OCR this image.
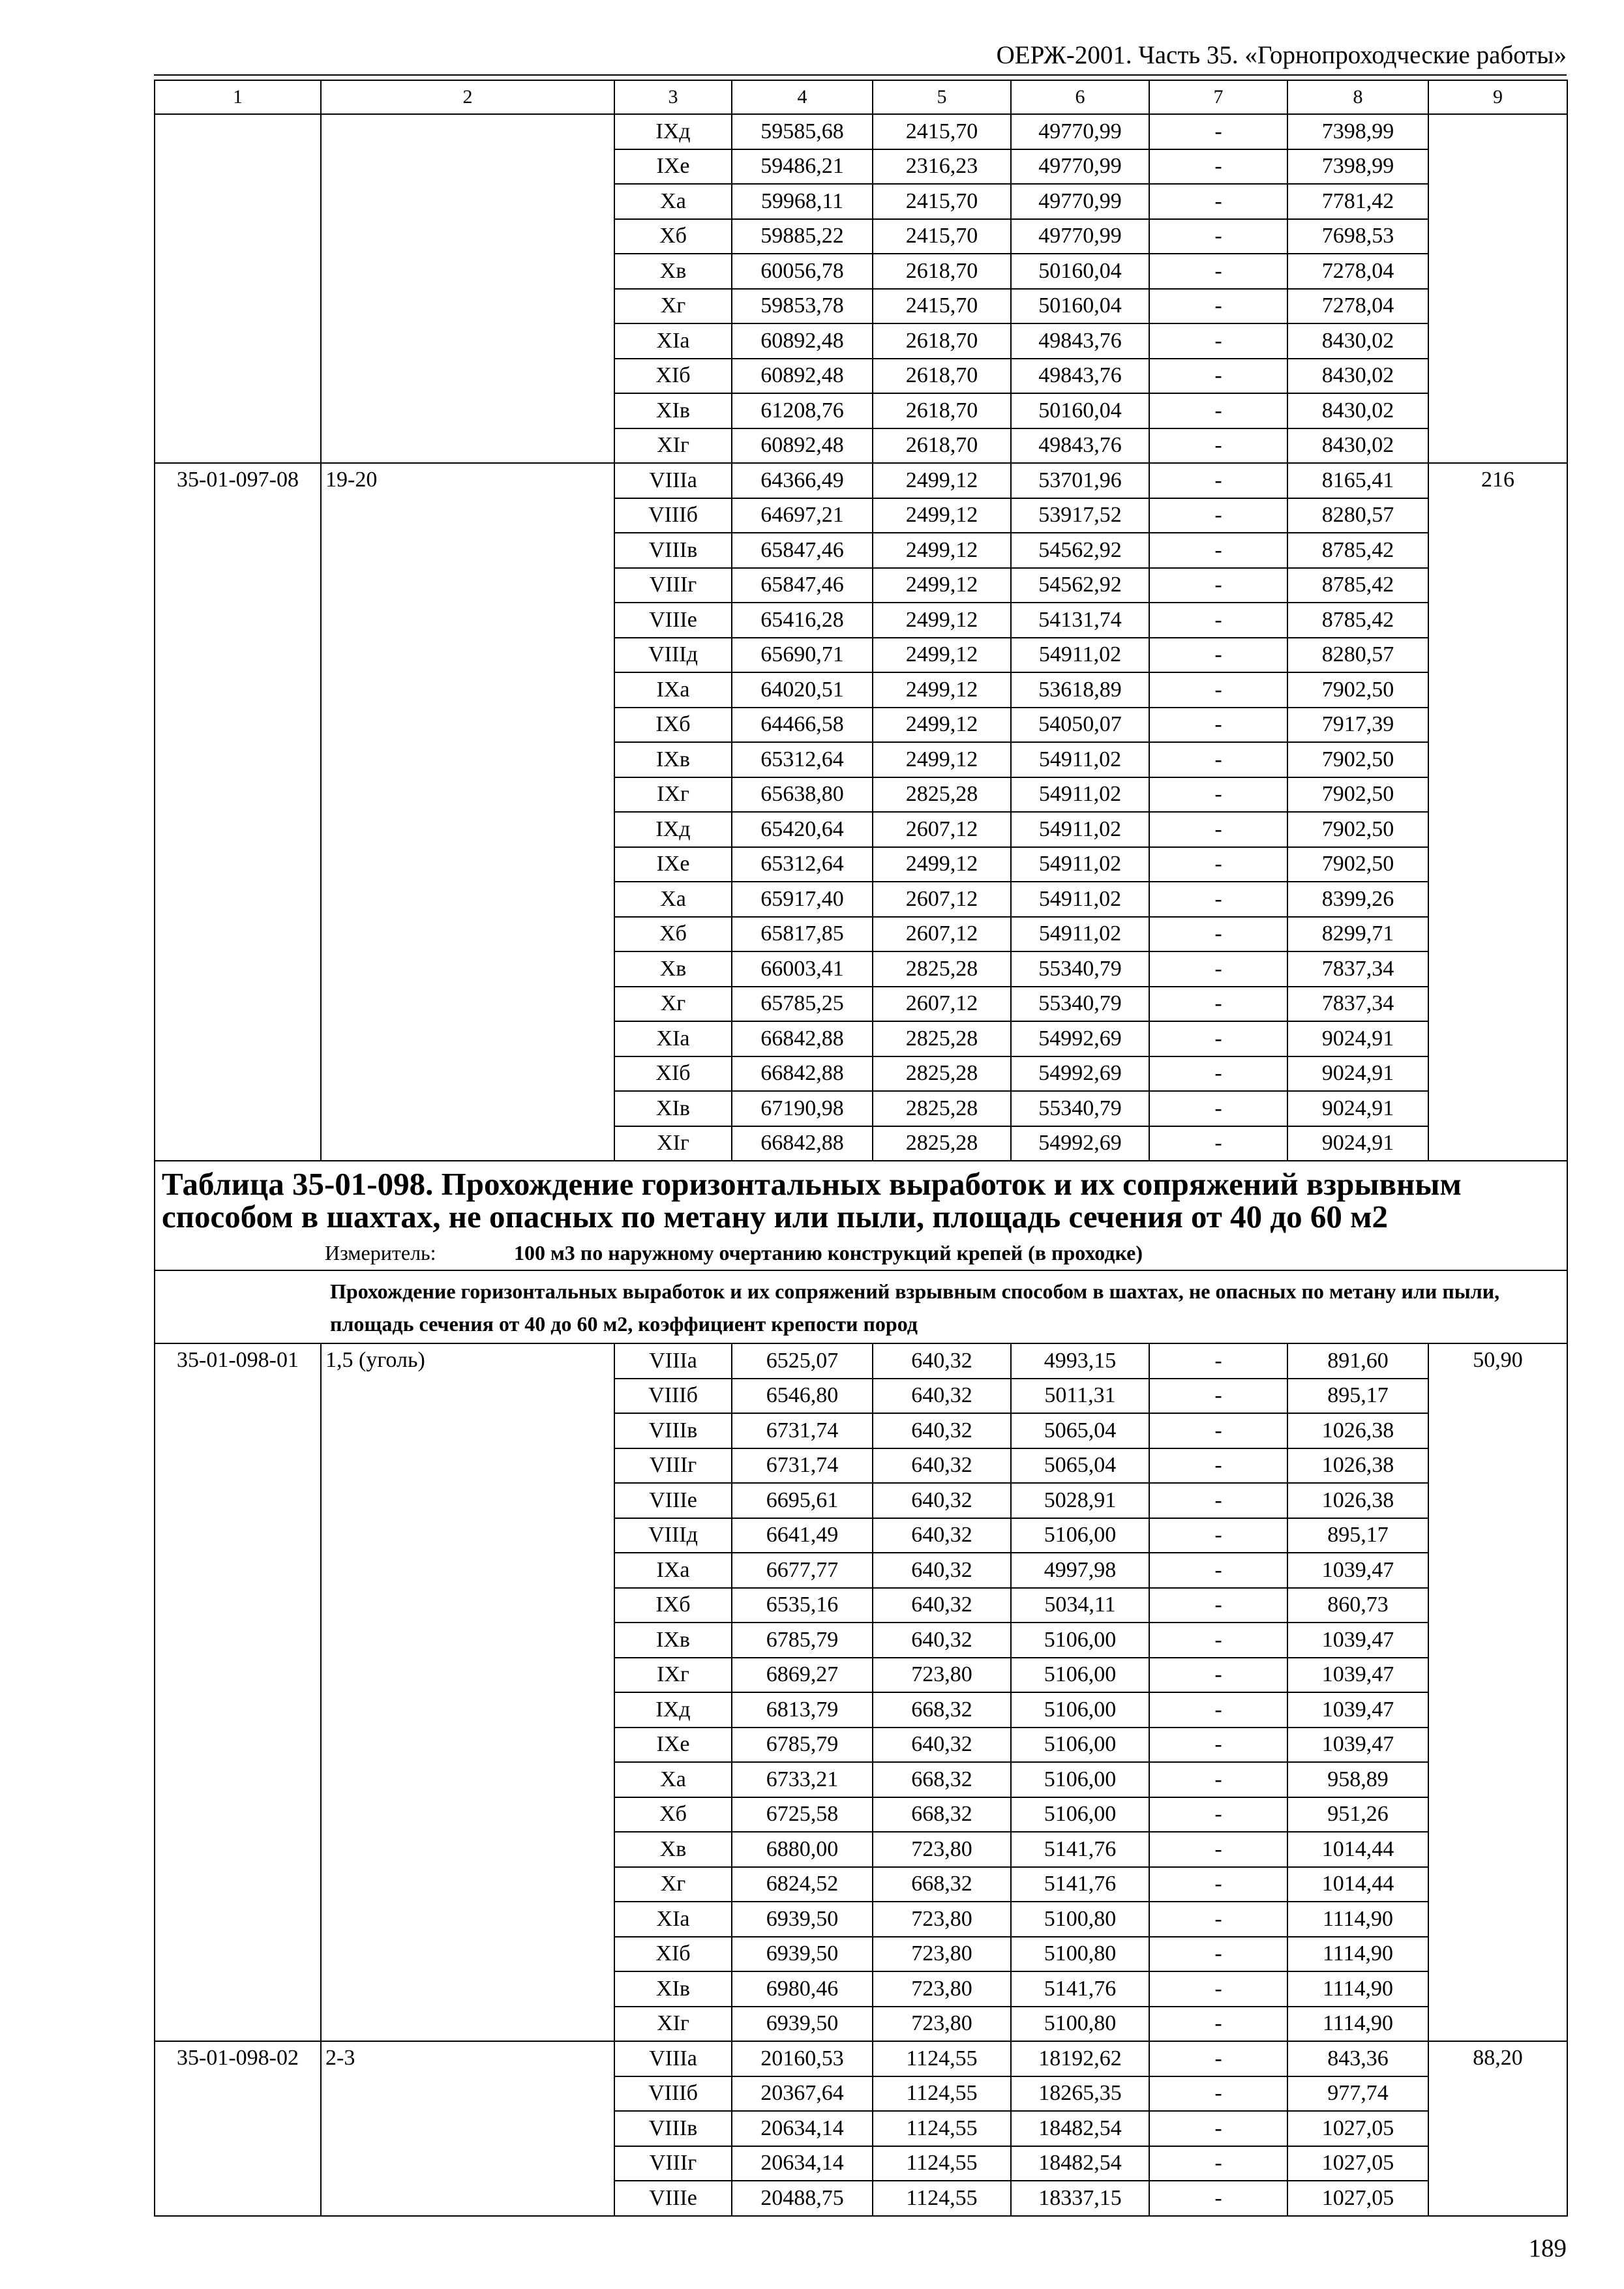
ОЕРЖ-2001. Часть 35. «Горнопроходческие работы»
1	2	3	4	5	6	7	8	9
		IXд	59585,68	2415,70	49770,99	-	7398,99	
		IXе	59486,21	2316,23	49770,99	-	7398,99	
		Xа	59968,11	2415,70	49770,99	-	7781,42	
		Xб	59885,22	2415,70	49770,99	-	7698,53	
		Xв	60056,78	2618,70	50160,04	-	7278,04	
		Xг	59853,78	2415,70	50160,04	-	7278,04	
		XIа	60892,48	2618,70	49843,76	-	8430,02	
		XIб	60892,48	2618,70	49843,76	-	8430,02	
		XIв	61208,76	2618,70	50160,04	-	8430,02	
		XIг	60892,48	2618,70	49843,76	-	8430,02	
35-01-097-08	19-20	VIIIа	64366,49	2499,12	53701,96	-	8165,41	216
		VIIIб	64697,21	2499,12	53917,52	-	8280,57	
		VIIIв	65847,46	2499,12	54562,92	-	8785,42	
		VIIIг	65847,46	2499,12	54562,92	-	8785,42	
		VIIIе	65416,28	2499,12	54131,74	-	8785,42	
		VIIIд	65690,71	2499,12	54911,02	-	8280,57	
		IXа	64020,51	2499,12	53618,89	-	7902,50	
		IXб	64466,58	2499,12	54050,07	-	7917,39	
		IXв	65312,64	2499,12	54911,02	-	7902,50	
		IXг	65638,80	2825,28	54911,02	-	7902,50	
		IXд	65420,64	2607,12	54911,02	-	7902,50	
		IXе	65312,64	2499,12	54911,02	-	7902,50	
		Xа	65917,40	2607,12	54911,02	-	8399,26	
		Xб	65817,85	2607,12	54911,02	-	8299,71	
		Xв	66003,41	2825,28	55340,79	-	7837,34	
		Xг	65785,25	2607,12	55340,79	-	7837,34	
		XIа	66842,88	2825,28	54992,69	-	9024,91	
		XIб	66842,88	2825,28	54992,69	-	9024,91	
		XIв	67190,98	2825,28	55340,79	-	9024,91	
		XIг	66842,88	2825,28	54992,69	-	9024,91	
Таблица 35-01-098. Прохождение горизонтальных выработок и их сопряжений взрывным способом в шахтах, не опасных по метану или пыли, площадь сечения от 40 до 60 м2								
Измеритель: 100 м3 по наружному очертанию конструкций крепей (в проходке)								
Прохождение горизонтальных выработок и их сопряжений взрывным способом в шахтах, не опасных по метану или пыли, площадь сечения от 40 до 60 м2, коэффициент крепости пород								
35-01-098-01	1,5 (уголь)	VIIIа	6525,07	640,32	4993,15	-	891,60	50,90
		VIIIб	6546,80	640,32	5011,31	-	895,17	
		VIIIв	6731,74	640,32	5065,04	-	1026,38	
		VIIIг	6731,74	640,32	5065,04	-	1026,38	
		VIIIе	6695,61	640,32	5028,91	-	1026,38	
		VIIIд	6641,49	640,32	5106,00	-	895,17	
		IXа	6677,77	640,32	4997,98	-	1039,47	
		IXб	6535,16	640,32	5034,11	-	860,73	
		IXв	6785,79	640,32	5106,00	-	1039,47	
		IXг	6869,27	723,80	5106,00	-	1039,47	
		IXд	6813,79	668,32	5106,00	-	1039,47	
		IXе	6785,79	640,32	5106,00	-	1039,47	
		Xа	6733,21	668,32	5106,00	-	958,89	
		Xб	6725,58	668,32	5106,00	-	951,26	
		Xв	6880,00	723,80	5141,76	-	1014,44	
		Xг	6824,52	668,32	5141,76	-	1014,44	
		XIа	6939,50	723,80	5100,80	-	1114,90	
		XIб	6939,50	723,80	5100,80	-	1114,90	
		XIв	6980,46	723,80	5141,76	-	1114,90	
		XIг	6939,50	723,80	5100,80	-	1114,90	
35-01-098-02	2-3	VIIIа	20160,53	1124,55	18192,62	-	843,36	88,20
		VIIIб	20367,64	1124,55	18265,35	-	977,74	
		VIIIв	20634,14	1124,55	18482,54	-	1027,05	
		VIIIг	20634,14	1124,55	18482,54	-	1027,05	
		VIIIе	20488,75	1124,55	18337,15	-	1027,05	
189
